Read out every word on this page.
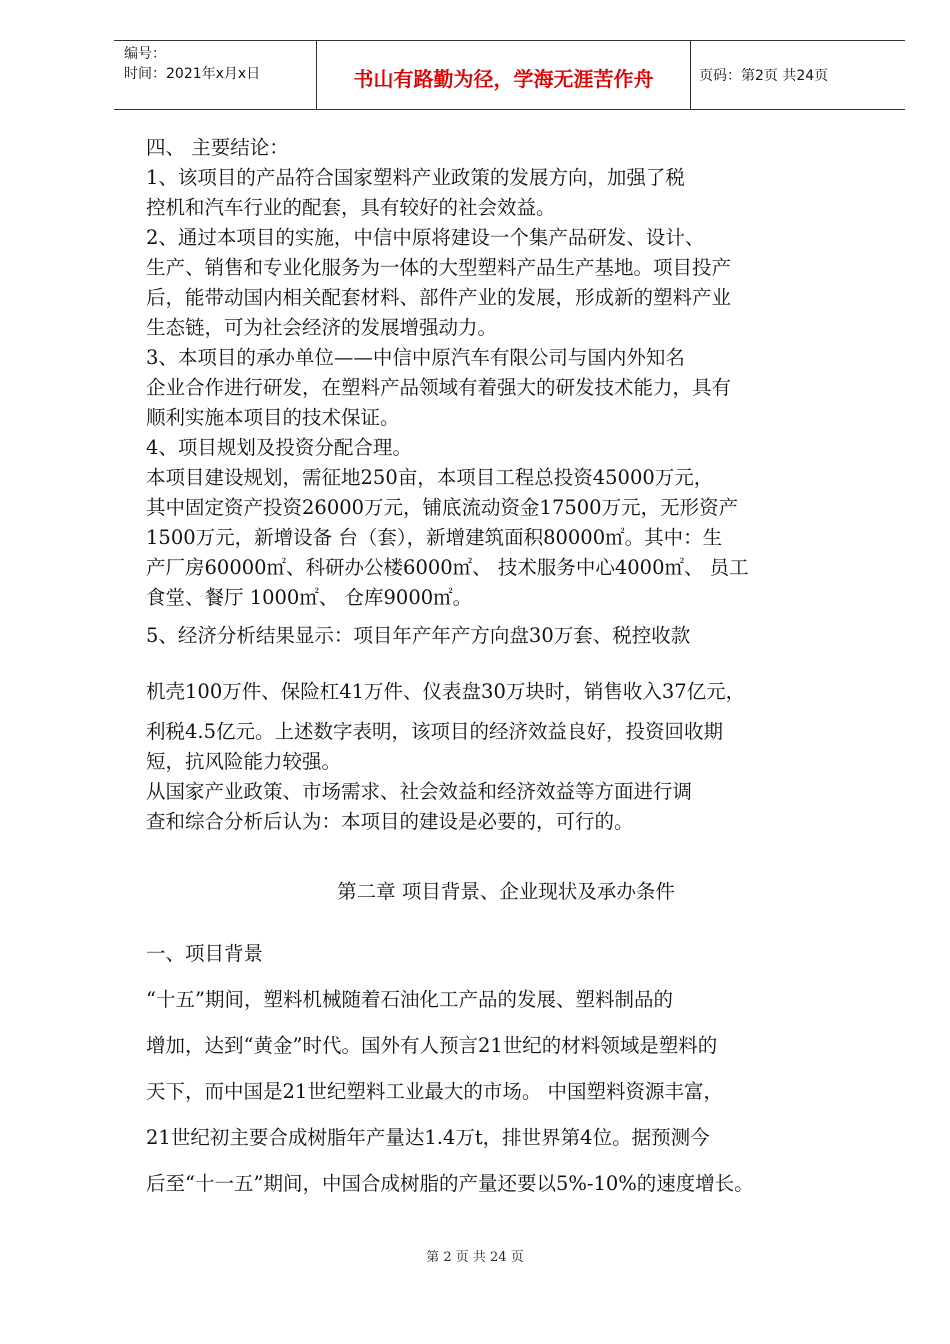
编号：
时间：2021年x月x日	书山有路勤为径，学海无涯苦作舟	页码：第2页 共24页
四、 主要结论：
1、该项目的产品符合国家塑料产业政策的发展方向，加强了税
控机和汽车行业的配套，具有较好的社会效益。
2、通过本项目的实施，中信中原将建设一个集产品研发、设计、
生产、销售和专业化服务为一体的大型塑料产品生产基地。项目投产
后，能带动国内相关配套材料、部件产业的发展，形成新的塑料产业
生态链，可为社会经济的发展增强动力。
3、本项目的承办单位——中信中原汽车有限公司与国内外知名
企业合作进行研发，在塑料产品领域有着强大的研发技术能力，具有
顺利实施本项目的技术保证。
4、项目规划及投资分配合理。
本项目建设规划，需征地250亩，本项目工程总投资45000万元，
其中固定资产投资26000万元，铺底流动资金17500万元，无形资产
1500万元，新增设备 台（套），新增建筑面积80000㎡。其中：生
产厂房60000㎡、科研办公楼6000㎡、 技术服务中心4000㎡、 员工
食堂、餐厅 1000㎡、 仓库9000㎡。
5、经济分析结果显示：项目年产年产方向盘30万套、税控收款
机壳100万件、保险杠41万件、仪表盘30万块时，销售收入37亿元，
利税4.5亿元。上述数字表明，该项目的经济效益良好，投资回收期
短，抗风险能力较强。
从国家产业政策、市场需求、社会效益和经济效益等方面进行调
查和综合分析后认为：本项目的建设是必要的，可行的。
第二章 项目背景、企业现状及承办条件
一、项目背景
“十五”期间，塑料机械随着石油化工产品的发展、塑料制品的
增加，达到“黄金”时代。国外有人预言21世纪的材料领域是塑料的
天下，而中国是21世纪塑料工业最大的市场。 中国塑料资源丰富，
21世纪初主要合成树脂年产量达1.4万t，排世界第4位。据预测今
后至“十一五”期间，中国合成树脂的产量还要以5%-10%的速度增长。
第 2 页 共 24 页
